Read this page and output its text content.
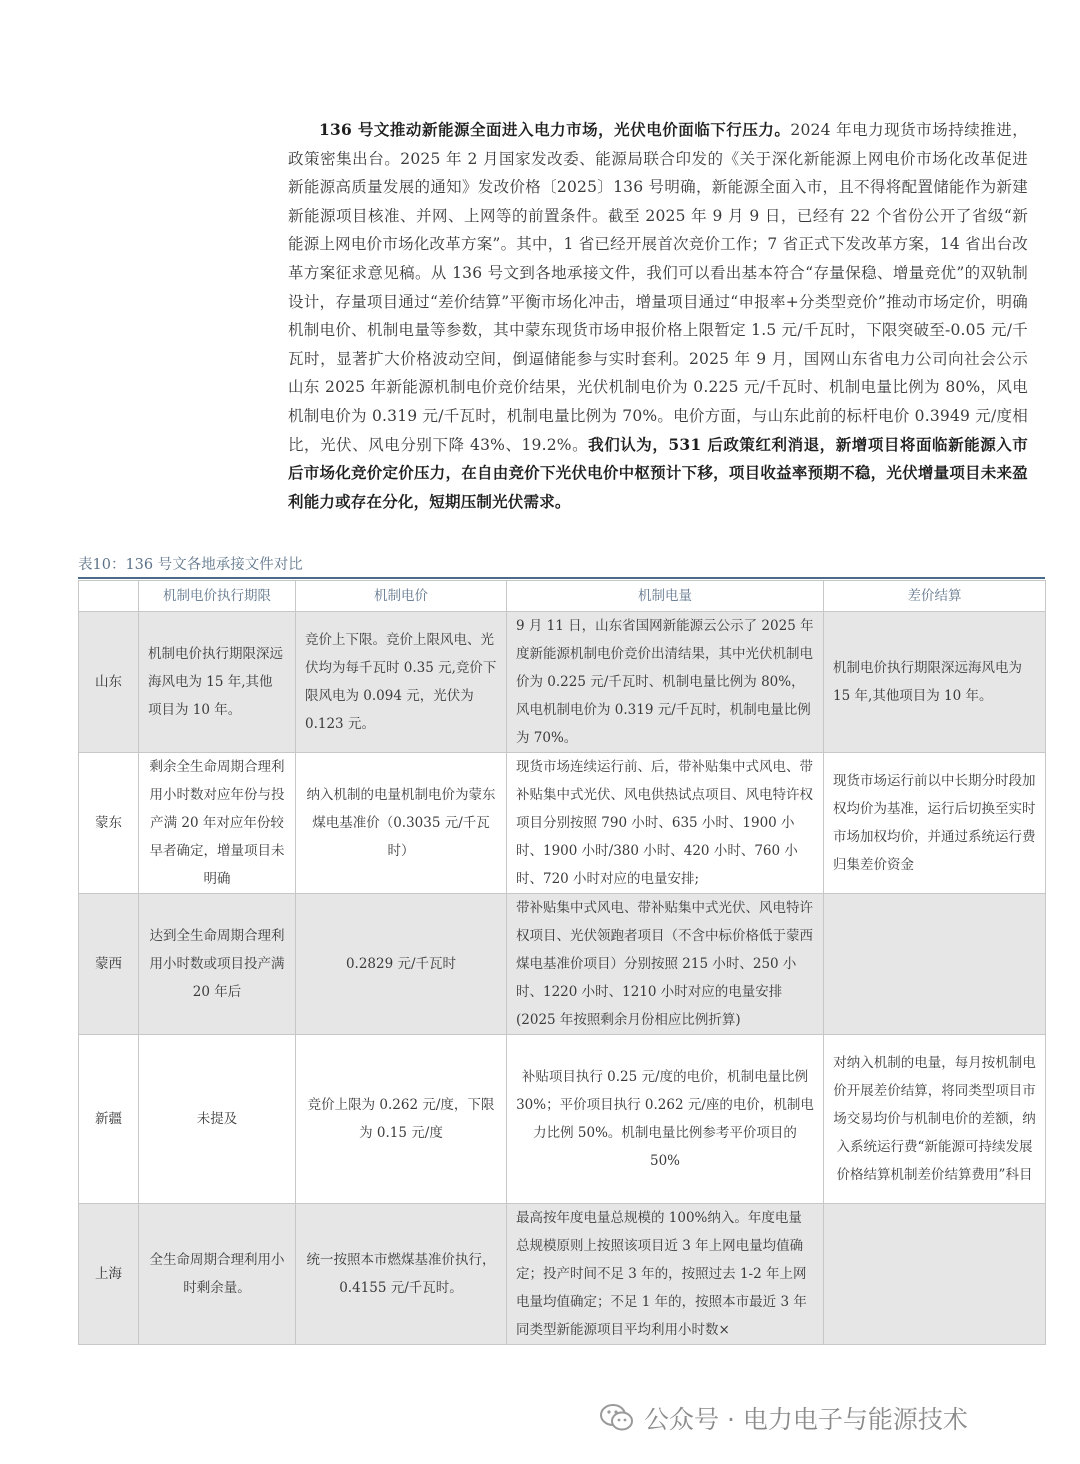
136 号文推动新能源全面进入电力市场，光伏电价面临下行压力。2024 年电力现货市场持续推进，政策密集出台。2025 年 2 月国家发改委、能源局联合印发的《关于深化新能源上网电价市场化改革促进新能源高质量发展的通知》发改价格〔2025〕136 号明确，新能源全面入市，且不得将配置储能作为新建新能源项目核准、并网、上网等的前置条件。截至 2025 年 9 月 9 日，已经有 22 个省份公开了省级“新能源上网电价市场化改革方案”。其中，1 省已经开展首次竞价工作；7 省正式下发改革方案，14 省出台改革方案征求意见稿。从 136 号文到各地承接文件，我们可以看出基本符合“存量保稳、增量竞优”的双轨制设计，存量项目通过“差价结算”平衡市场化冲击，增量项目通过“申报率+分类型竞价”推动市场定价，明确机制电价、机制电量等参数，其中蒙东现货市场申报价格上限暂定 1.5 元/千瓦时，下限突破至-0.05 元/千瓦时，显著扩大价格波动空间，倒逼储能参与实时套利。2025 年 9 月，国网山东省电力公司向社会公示山东 2025 年新能源机制电价竞价结果，光伏机制电价为 0.225 元/千瓦时、机制电量比例为 80%，风电机制电价为 0.319 元/千瓦时，机制电量比例为 70%。电价方面，与山东此前的标杆电价 0.3949 元/度相比，光伏、风电分别下降 43%、19.2%。我们认为，531 后政策红利消退，新增项目将面临新能源入市后市场化竞价定价压力，在自由竞价下光伏电价中枢预计下移，项目收益率预期不稳，光伏增量项目未来盈利能力或存在分化，短期压制光伏需求。
表10：136 号文各地承接文件对比
	机制电价执行期限	机制电价	机制电量	差价结算
山东	机制电价执行期限深远海风电为 15 年,其他项目为 10 年。	竞价上下限。竞价上限风电、光伏均为每千瓦时 0.35 元,竞价下限风电为 0.094 元，光伏为 0.123 元。	9 月 11 日，山东省国网新能源云公示了 2025 年度新能源机制电价竞价出清结果，其中光伏机制电价为 0.225 元/千瓦时、机制电量比例为 80%，风电机制电价为 0.319 元/千瓦时，机制电量比例为 70%。	机制电价执行期限深远海风电为 15 年,其他项目为 10 年。
蒙东	剩余全生命周期合理利用小时数对应年份与投产满 20 年对应年份较早者确定，增量项目未明确	纳入机制的电量机制电价为蒙东煤电基准价（0.3035 元/千瓦时）	现货市场连续运行前、后，带补贴集中式风电、带补贴集中式光伏、风电供热试点项目、风电特许权项目分别按照 790 小时、635 小时、1900 小时、1900 小时/380 小时、420 小时、760 小时、720 小时对应的电量安排;	现货市场运行前以中长期分时段加权均价为基准，运行后切换至实时市场加权均价，并通过系统运行费归集差价资金
蒙西	达到全生命周期合理利用小时数或项目投产满 20 年后	0.2829 元/千瓦时	带补贴集中式风电、带补贴集中式光伏、风电特许权项目、光伏领跑者项目（不含中标价格低于蒙西煤电基准价项目）分别按照 215 小时、250 小时、1220 小时、1210 小时对应的电量安排(2025 年按照剩余月份相应比例折算)	
新疆	未提及	竞价上限为 0.262 元/度，下限为 0.15 元/度	补贴项目执行 0.25 元/度的电价，机制电量比例 30%；平价项目执行 0.262 元/座的电价，机制电力比例 50%。机制电量比例参考平价项目的 50%	对纳入机制的电量，每月按机制电价开展差价结算，将同类型项目市场交易均价与机制电价的差额，纳入系统运行费“新能源可持续发展价格结算机制差价结算费用”科目
上海	全生命周期合理利用小时剩余量。	统一按照本市燃煤基准价执行，0.4155 元/千瓦时。	最高按年度电量总规模的 100%纳入。年度电量总规模原则上按照该项目近 3 年上网电量均值确定；投产时间不足 3 年的，按照过去 1-2 年上网电量均值确定；不足 1 年的，按照本市最近 3 年同类型新能源项目平均利用小时数×	
公众号 · 电力电子与能源技术
